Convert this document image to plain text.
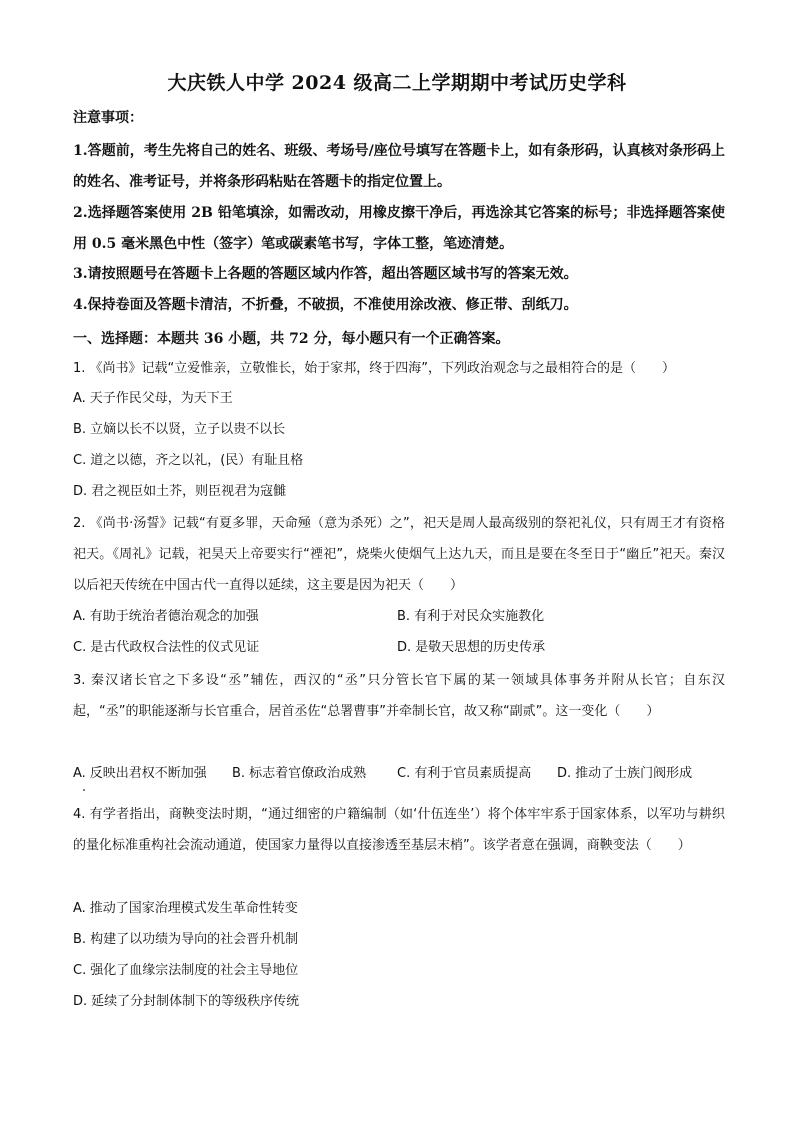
大庆铁人中学 2024 级高二上学期期中考试历史学科
注意事项：
1.答题前，考生先将自己的姓名、班级、考场号/座位号填写在答题卡上，如有条形码，认真核对条形码上的姓名、准考证号，并将条形码粘贴在答题卡的指定位置上。
2.选择题答案使用 2B 铅笔填涂，如需改动，用橡皮擦干净后，再选涂其它答案的标号；非选择题答案使用 0.5 毫米黑色中性（签字）笔或碳素笔书写，字体工整，笔迹清楚。
3.请按照题号在答题卡上各题的答题区域内作答，超出答题区域书写的答案无效。
4.保持卷面及答题卡清洁，不折叠，不破损，不准使用涂改液、修正带、刮纸刀。
一、选择题：本题共 36 小题，共 72 分，每小题只有一个正确答案。
1. 《尚书》记载“立爱惟亲，立敬惟长，始于家邦，终于四海”，下列政治观念与之最相符合的是（　　）
A. 天子作民父母，为天下王
B. 立嫡以长不以贤，立子以贵不以长
C. 道之以德，齐之以礼，(民）有耻且格
D. 君之视臣如土芥，则臣视君为寇雠
2. 《尚书·汤誓》记载“有夏多罪，天命殛（意为杀死）之”，祀天是周人最高级别的祭祀礼仪，只有周王才有资格祀天。《周礼》记载，祀昊天上帝要实行“禋祀”，烧柴火使烟气上达九天，而且是要在冬至日于“幽丘”祀天。秦汉以后祀天传统在中国古代一直得以延续，这主要是因为祀天（　　）
A. 有助于统治者德治观念的加强	B. 有利于对民众实施教化
C. 是古代政权合法性的仪式见证	D. 是敬天思想的历史传承
3. 秦汉诸长官之下多设“丞”辅佐，西汉的“丞”只分管长官下属的某一领域具体事务并附从长官；自东汉起，“丞”的职能逐渐与长官重合，居首丞佐“总署曹事”并牵制长官，故又称“副贰”。这一变化（　　）
A. 反映出君权不断加强 B. 标志着官僚政治成熟 C. 有利于官员素质提高 D. 推动了士族门阀形成
4. 有学者指出，商鞅变法时期，“通过细密的户籍编制（如‘什伍连坐’）将个体牢牢系于国家体系，以军功与耕织的量化标准重构社会流动通道，使国家力量得以直接渗透至基层末梢”。该学者意在强调，商鞅变法（　　）
A. 推动了国家治理模式发生革命性转变
B. 构建了以功绩为导向的社会晋升机制
C. 强化了血缘宗法制度的社会主导地位
D. 延续了分封制体制下的等级秩序传统
